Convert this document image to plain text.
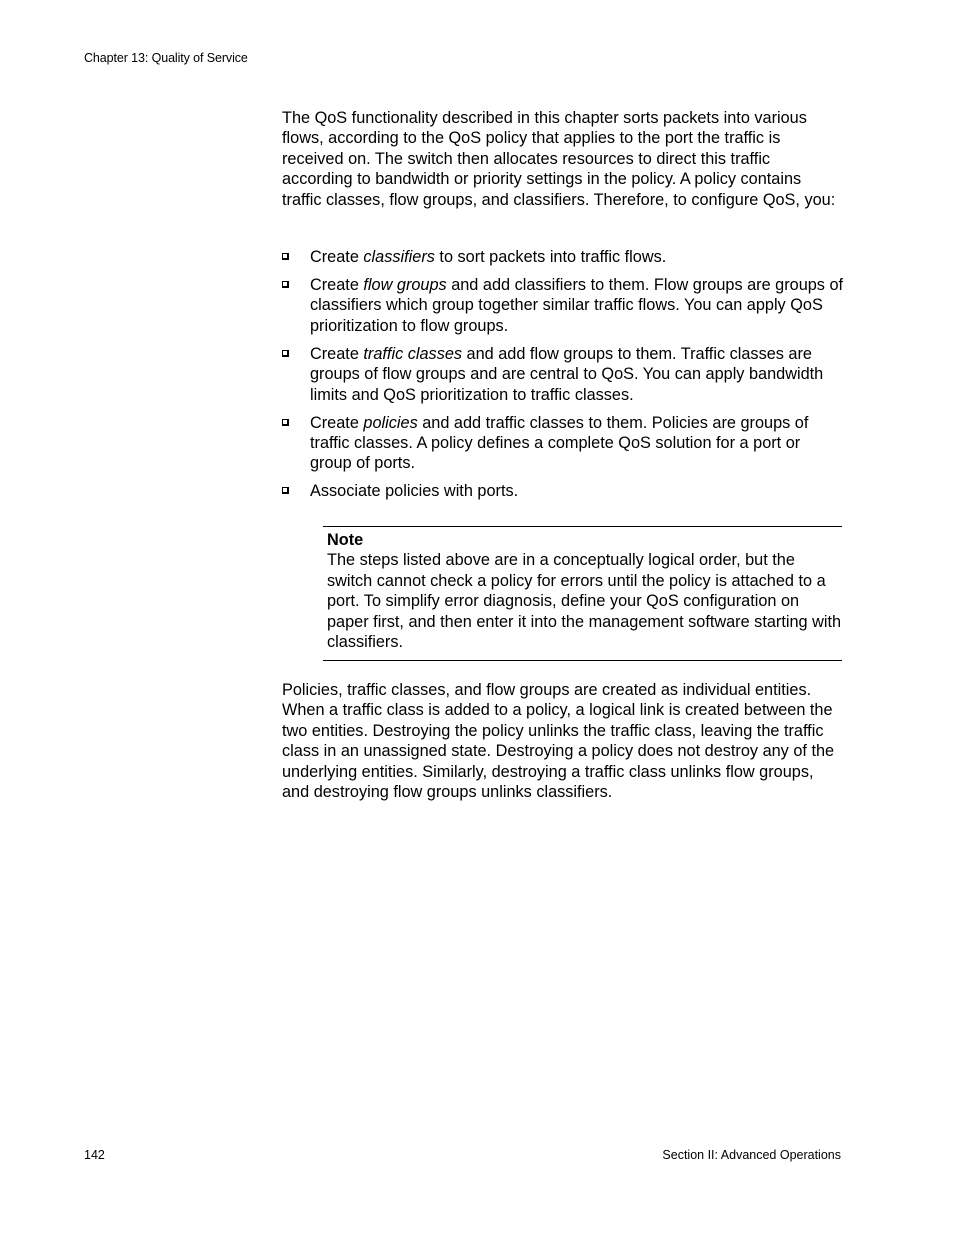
Chapter 13: Quality of Service

The QoS functionality described in this chapter sorts packets into various flows, according to the QoS policy that applies to the port the traffic is received on. The switch then allocates resources to direct this traffic according to bandwidth or priority settings in the policy. A policy contains traffic classes, flow groups, and classifiers. Therefore, to configure QoS, you:

Create classifiers to sort packets into traffic flows.
Create flow groups and add classifiers to them. Flow groups are groups of classifiers which group together similar traffic flows. You can apply QoS prioritization to flow groups.
Create traffic classes and add flow groups to them. Traffic classes are groups of flow groups and are central to QoS. You can apply bandwidth limits and QoS prioritization to traffic classes.
Create policies and add traffic classes to them. Policies are groups of traffic classes. A policy defines a complete QoS solution for a port or group of ports.
Associate policies with ports.
Note
The steps listed above are in a conceptually logical order, but the switch cannot check a policy for errors until the policy is attached to a port. To simplify error diagnosis, define your QoS configuration on paper first, and then enter it into the management software starting with classifiers.

Policies, traffic classes, and flow groups are created as individual entities. When a traffic class is added to a policy, a logical link is created between the two entities. Destroying the policy unlinks the traffic class, leaving the traffic class in an unassigned state. Destroying a policy does not destroy any of the underlying entities. Similarly, destroying a traffic class unlinks flow groups, and destroying flow groups unlinks classifiers.

142	Section II: Advanced Operations
